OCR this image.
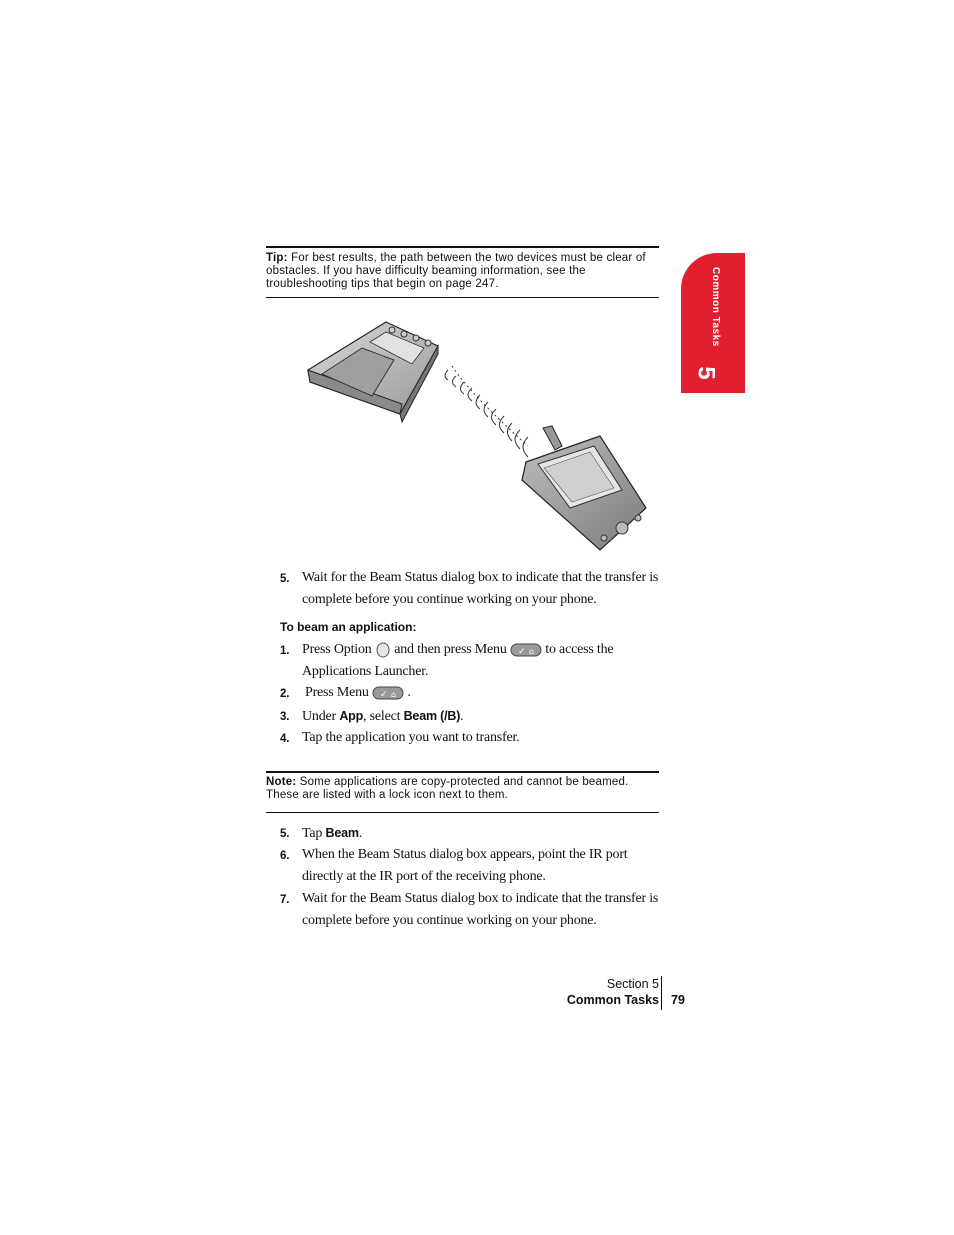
Common Tasks
5
Tip: For best results, the path between the two devices must be clear of obstacles. If you have difficulty beaming information, see the troubleshooting tips that begin on page 247.
5. Wait for the Beam Status dialog box to indicate that the transfer is complete before you continue working on your phone.
To beam an application:
1. Press Option and then press Menu ✓ ⌂ to access the Applications Launcher.
2. Press Menu ✓ ⌂ .
3. Under App, select Beam (/B).
4. Tap the application you want to transfer.
Note: Some applications are copy-protected and cannot be beamed. These are listed with a lock icon next to them.
5. Tap Beam.
6. When the Beam Status dialog box appears, point the IR port directly at the IR port of the receiving phone.
7. Wait for the Beam Status dialog box to indicate that the transfer is complete before you continue working on your phone.
Section 5
Common Tasks 79
